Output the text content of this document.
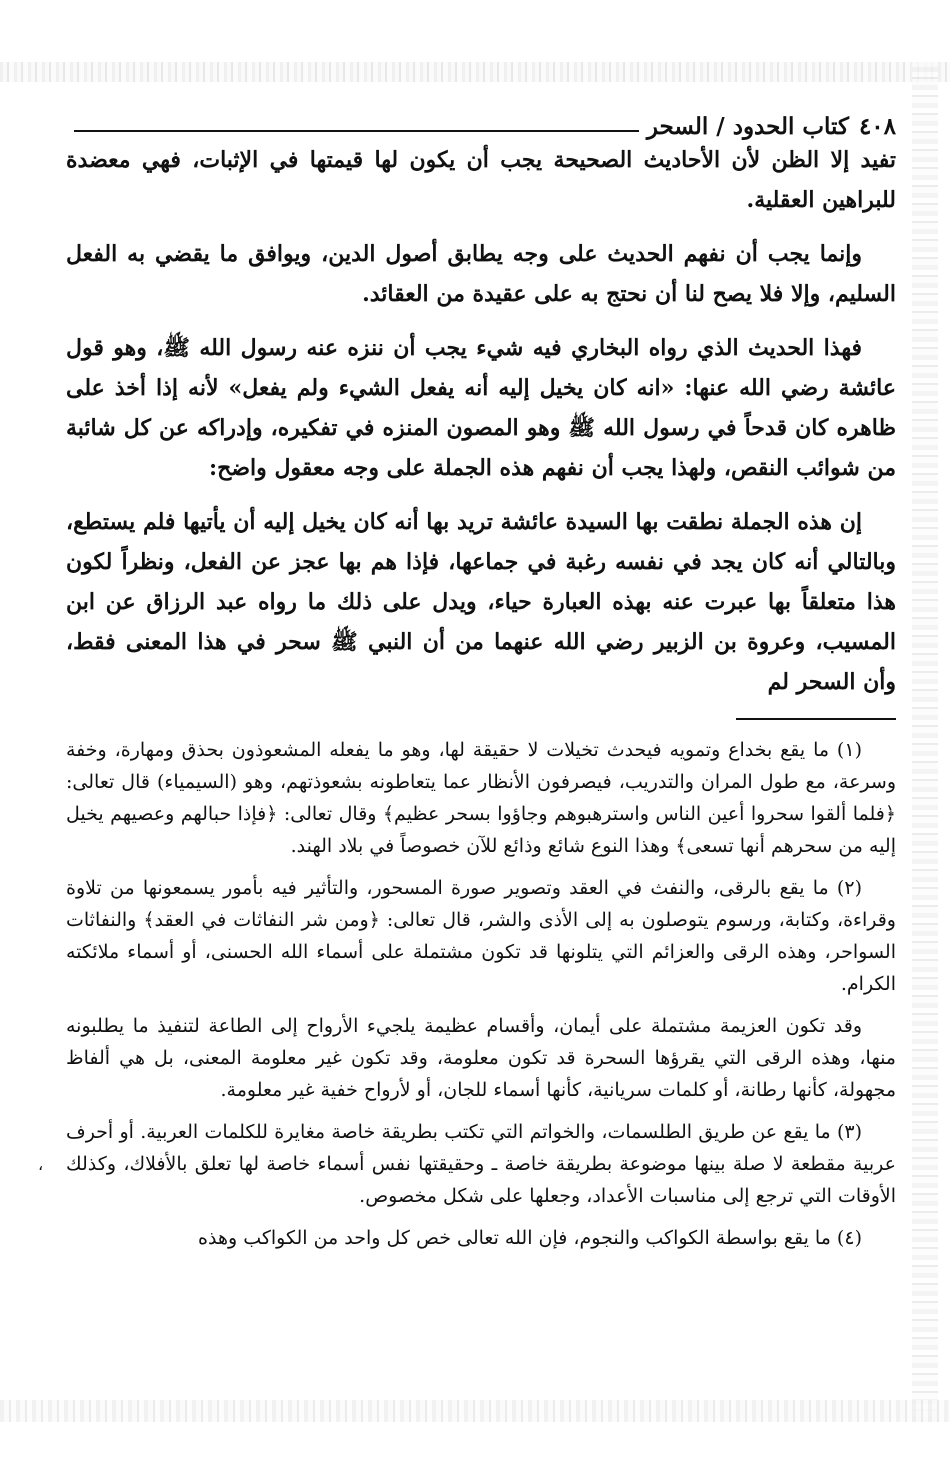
٤٠٨
كتاب الحدود / السحر

تفيد إلا الظن لأن الأحاديث الصحيحة يجب أن يكون لها قيمتها في الإثبات، فهي معضدة للبراهين العقلية.

وإنما يجب أن نفهم الحديث على وجه يطابق أصول الدين، ويوافق ما يقضي به الفعل السليم، وإلا فلا يصح لنا أن نحتج به على عقيدة من العقائد.

فهذا الحديث الذي رواه البخاري فيه شيء يجب أن ننزه عنه رسول الله ﷺ، وهو قول عائشة رضي الله عنها: «انه كان يخيل إليه أنه يفعل الشيء ولم يفعل» لأنه إذا أخذ على ظاهره كان قدحاً في رسول الله ﷺ وهو المصون المنزه في تفكيره، وإدراكه عن كل شائبة من شوائب النقص، ولهذا يجب أن نفهم هذه الجملة على وجه معقول واضح:

إن هذه الجملة نطقت بها السيدة عائشة تريد بها أنه كان يخيل إليه أن يأتيها فلم يستطع، وبالتالي أنه كان يجد في نفسه رغبة في جماعها، فإذا هم بها عجز عن الفعل، ونظراً لكون هذا متعلقاً بها عبرت عنه بهذه العبارة حياء، ويدل على ذلك ما رواه عبد الرزاق عن ابن المسيب، وعروة بن الزبير رضي الله عنهما من أن النبي ﷺ سحر في هذا المعنى فقط، وأن السحر لم

(١) ما يقع بخداع وتمويه فيحدث تخيلات لا حقيقة لها، وهو ما يفعله المشعوذون بحذق ومهارة، وخفة وسرعة، مع طول المران والتدريب، فيصرفون الأنظار عما يتعاطونه بشعوذتهم، وهو (السيمياء) قال تعالى: ﴿فلما ألقوا سحروا أعين الناس واسترهبوهم وجاؤوا بسحر عظيم﴾ وقال تعالى: ﴿فإذا حبالهم وعصيهم يخيل إليه من سحرهم أنها تسعى﴾ وهذا النوع شائع وذائع للآن خصوصاً في بلاد الهند.

(٢) ما يقع بالرقى، والنفث في العقد وتصوير صورة المسحور، والتأثير فيه بأمور يسمعونها من تلاوة وقراءة، وكتابة، ورسوم يتوصلون به إلى الأذى والشر، قال تعالى: ﴿ومن شر النفاثات في العقد﴾ والنفاثات السواحر، وهذه الرقى والعزائم التي يتلونها قد تكون مشتملة على أسماء الله الحسنى، أو أسماء ملائكته الكرام.

وقد تكون العزيمة مشتملة على أيمان، وأقسام عظيمة يلجيء الأرواح إلى الطاعة لتنفيذ ما يطلبونه منها، وهذه الرقى التي يقرؤها السحرة قد تكون معلومة، وقد تكون غير معلومة المعنى، بل هي ألفاظ مجهولة، كأنها رطانة، أو كلمات سريانية، كأنها أسماء للجان، أو لأرواح خفية غير معلومة.

(٣) ما يقع عن طريق الطلسمات، والخواتم التي تكتب بطريقة خاصة مغايرة للكلمات العربية. أو أحرف عربية مقطعة لا صلة بينها موضوعة بطريقة خاصة ـ وحقيقتها نفس أسماء خاصة لها تعلق بالأفلاك، وكذلك الأوقات التي ترجع إلى مناسبات الأعداد، وجعلها على شكل مخصوص.

(٤) ما يقع بواسطة الكواكب والنجوم، فإن الله تعالى خص كل واحد من الكواكب وهذه

،
